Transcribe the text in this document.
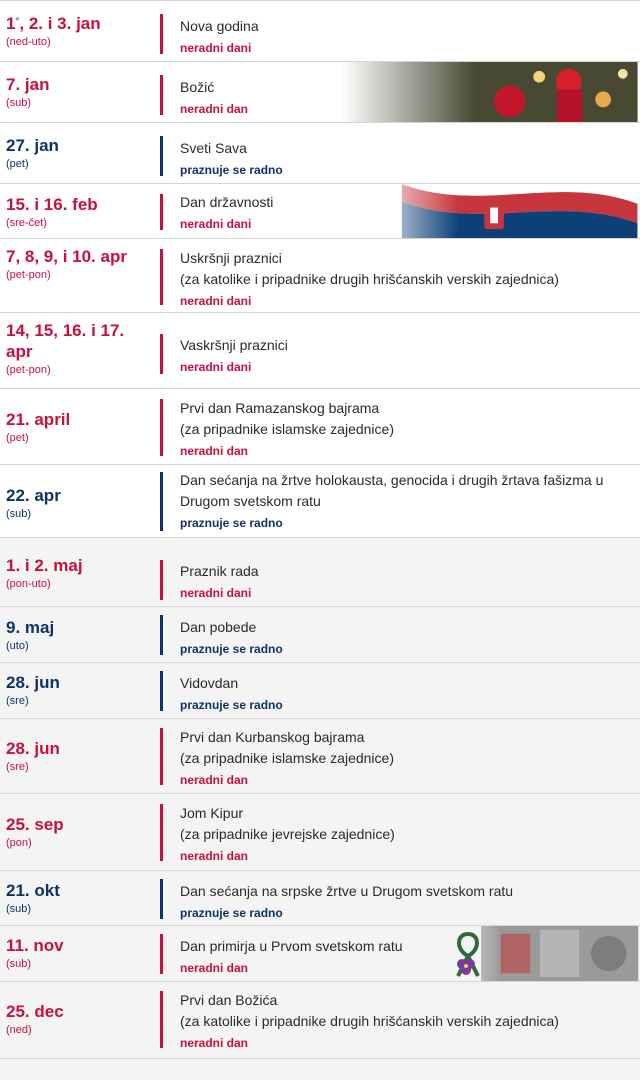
1*, 2. i 3. jan
(ned-uto)
Nova godina
neradni dani
7. jan
(sub)
Božić
neradni dan
27. jan
(pet)
Sveti Sava
praznuje se radno
15. i 16. feb
(sre-čet)
Dan državnosti
neradni dani
7, 8, 9, i 10. apr
(pet-pon)
Uskršnji praznici
(za katolike i pripadnike drugih hrišćanskih verskih zajednica)
neradni dani
14, 15, 16. i 17. apr
(pet-pon)
Vaskršnji praznici
neradni dani
21. april
(pet)
Prvi dan Ramazanskog bajrama
(za pripadnike islamske zajednice)
neradni dan
22. apr
(sub)
Dan sećanja na žrtve holokausta, genocida i drugih žrtava fašizma u Drugom svetskom ratu
praznuje se radno
1. i 2. maj
(pon-uto)
Praznik rada
neradni dani
9. maj
(uto)
Dan pobede
praznuje se radno
28. jun
(sre)
Vidovdan
praznuje se radno
28. jun
(sre)
Prvi dan Kurbanskog bajrama
(za pripadnike islamske zajednice)
neradni dan
25. sep
(pon)
Jom Kipur
(za pripadnike jevrejske zajednice)
neradni dan
21. okt
(sub)
Dan sećanja na srpske žrtve u Drugom svetskom ratu
praznuje se radno
11. nov
(sub)
Dan primirja u Prvom svetskom ratu
neradni dan
25. dec
(ned)
Prvi dan Božića
(za katolike i pripadnike drugih hrišćanskih verskih zajednica)
neradni dan
